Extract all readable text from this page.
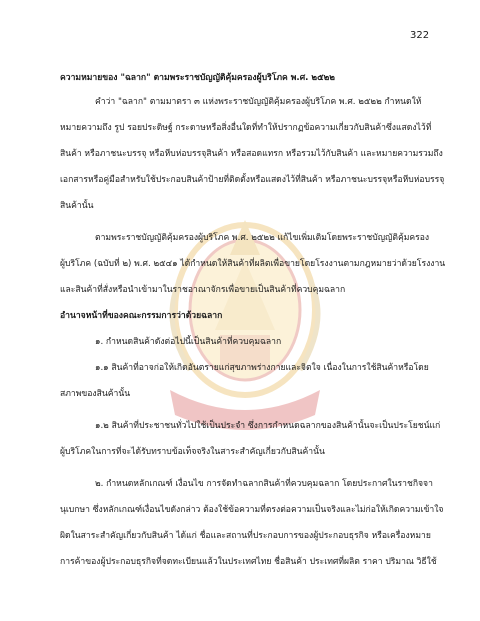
322
ความหมายของ "ฉลาก" ตามพระราชบัญญัติคุ้มครองผู้บริโภค พ.ศ. ๒๕๒๒
คำว่า "ฉลาก" ตามมาตรา ๓ แห่งพระราชบัญญัติคุ้มครองผู้บริโภค พ.ศ. ๒๕๒๒ กำหนดให้
หมายความถึง รูป รอยประดิษฐ์ กระดาษหรือสิ่งอื่นใดที่ทำให้ปรากฏข้อความเกี่ยวกับสินค้าซึ่งแสดงไว้ที่
สินค้า หรือภาชนะบรรจุ หรือหีบห่อบรรจุสินค้า หรือสอดแทรก หรือรวมไว้กับสินค้า และหมายความรวมถึง
เอกสารหรือคู่มือสำหรับใช้ประกอบสินค้าป้ายที่ติดตั้งหรือแสดงไว้ที่สินค้า หรือภาชนะบรรจุหรือหีบห่อบรรจุ
สินค้านั้น
ตามพระราชบัญญัติคุ้มครองผู้บริโภค พ.ศ. ๒๕๒๒ แก้ไขเพิ่มเติมโดยพระราชบัญญัติคุ้มครอง
ผู้บริโภค (ฉบับที่ ๒) พ.ศ. ๒๕๔๑ ได้กำหนดให้สินค้าที่ผลิตเพื่อขายโดยโรงงานตามกฎหมายว่าด้วยโรงงาน
และสินค้าที่สั่งหรือนำเข้ามาในราชอาณาจักรเพื่อขายเป็นสินค้าที่ควบคุมฉลาก
อำนาจหน้าที่ของคณะกรรมการว่าด้วยฉลาก
๑. กำหนดสินค้าดังต่อไปนี้เป็นสินค้าที่ควบคุมฉลาก
๑.๑ สินค้าที่อาจก่อให้เกิดอันตรายแก่สุขภาพร่างกายและจิตใจ เนื่องในการใช้สินค้าหรือโดย
สภาพของสินค้านั้น
๑.๒ สินค้าที่ประชาชนทั่วไปใช้เป็นประจำ ซึ่งการกำหนดฉลากของสินค้านั้นจะเป็นประโยชน์แก่
ผู้บริโภคในการที่จะได้รับทราบข้อเท็จจริงในสาระสำคัญเกี่ยวกับสินค้านั้น
๒. กำหนดหลักเกณฑ์ เงื่อนไข การจัดทำฉลากสินค้าที่ควบคุมฉลาก โดยประกาศในราชกิจจา
นุเบกษา ซึ่งหลักเกณฑ์เงื่อนไขดังกล่าว ต้องใช้ข้อความที่ตรงต่อความเป็นจริงและไม่ก่อให้เกิดความเข้าใจ
ผิดในสาระสำคัญเกี่ยวกับสินค้า ได้แก่ ชื่อและสถานที่ประกอบการของผู้ประกอบธุรกิจ หรือเครื่องหมาย
การค้าของผู้ประกอบธุรกิจที่จดทะเบียนแล้วในประเทศไทย ชื่อสินค้า ประเทศที่ผลิต ราคา ปริมาณ วิธีใช้
